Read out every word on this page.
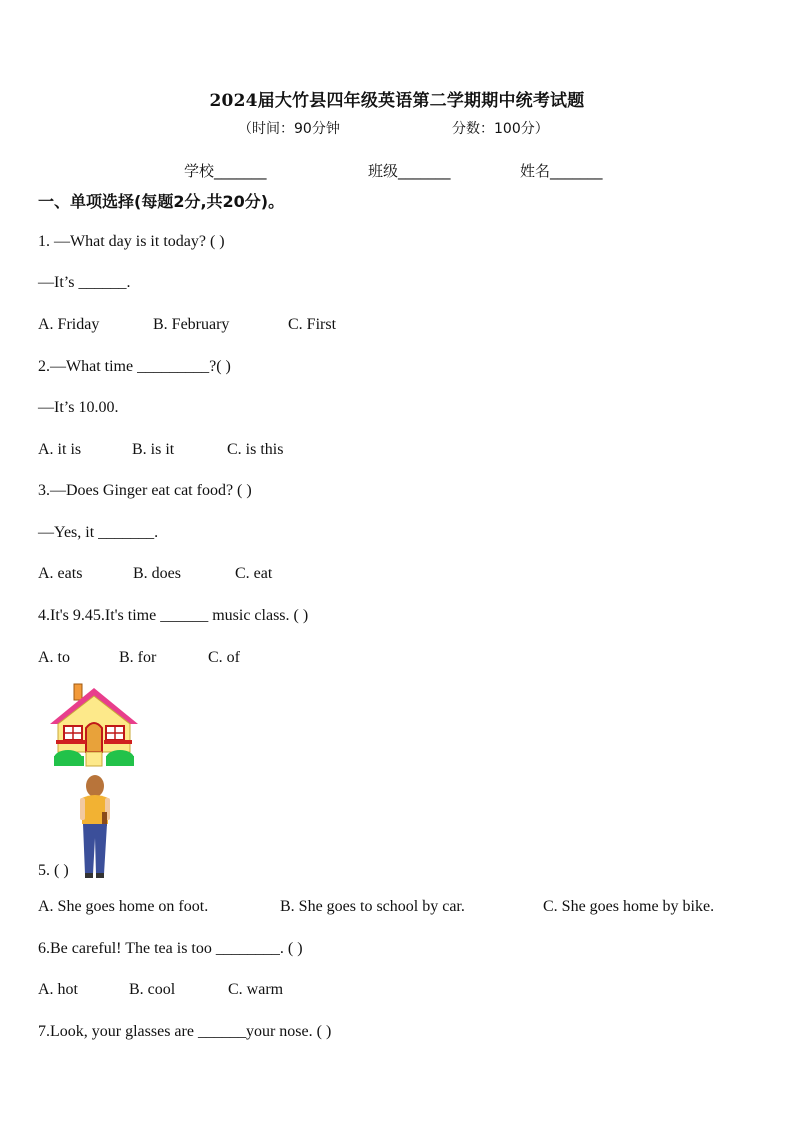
2024届大竹县四年级英语第二学期期中统考试题
（时间：90分钟	分数：100分）
学校_______	班级_______	姓名_______
一、单项选择(每题2分,共20分)。
1. —What day is it today? ( )
—It’s ______.
A. Friday	B. February	C. First
2.—What time _________?( )
—It’s 10.00.
A. it is	B. is it	C. is this
3.—Does Ginger eat cat food? ( )
—Yes, it _______.
A. eats	B. does	C. eat
4.It's 9.45.It's time ______ music class. ( )
A. to	B. for	C. of
5. ( )
A. She goes home on foot.	B. She goes to school by car.	C. She goes home by bike.
6.Be careful! The tea is too ________. ( )
A. hot	B. cool	C. warm
7.Look, your glasses are ______your nose. ( )
